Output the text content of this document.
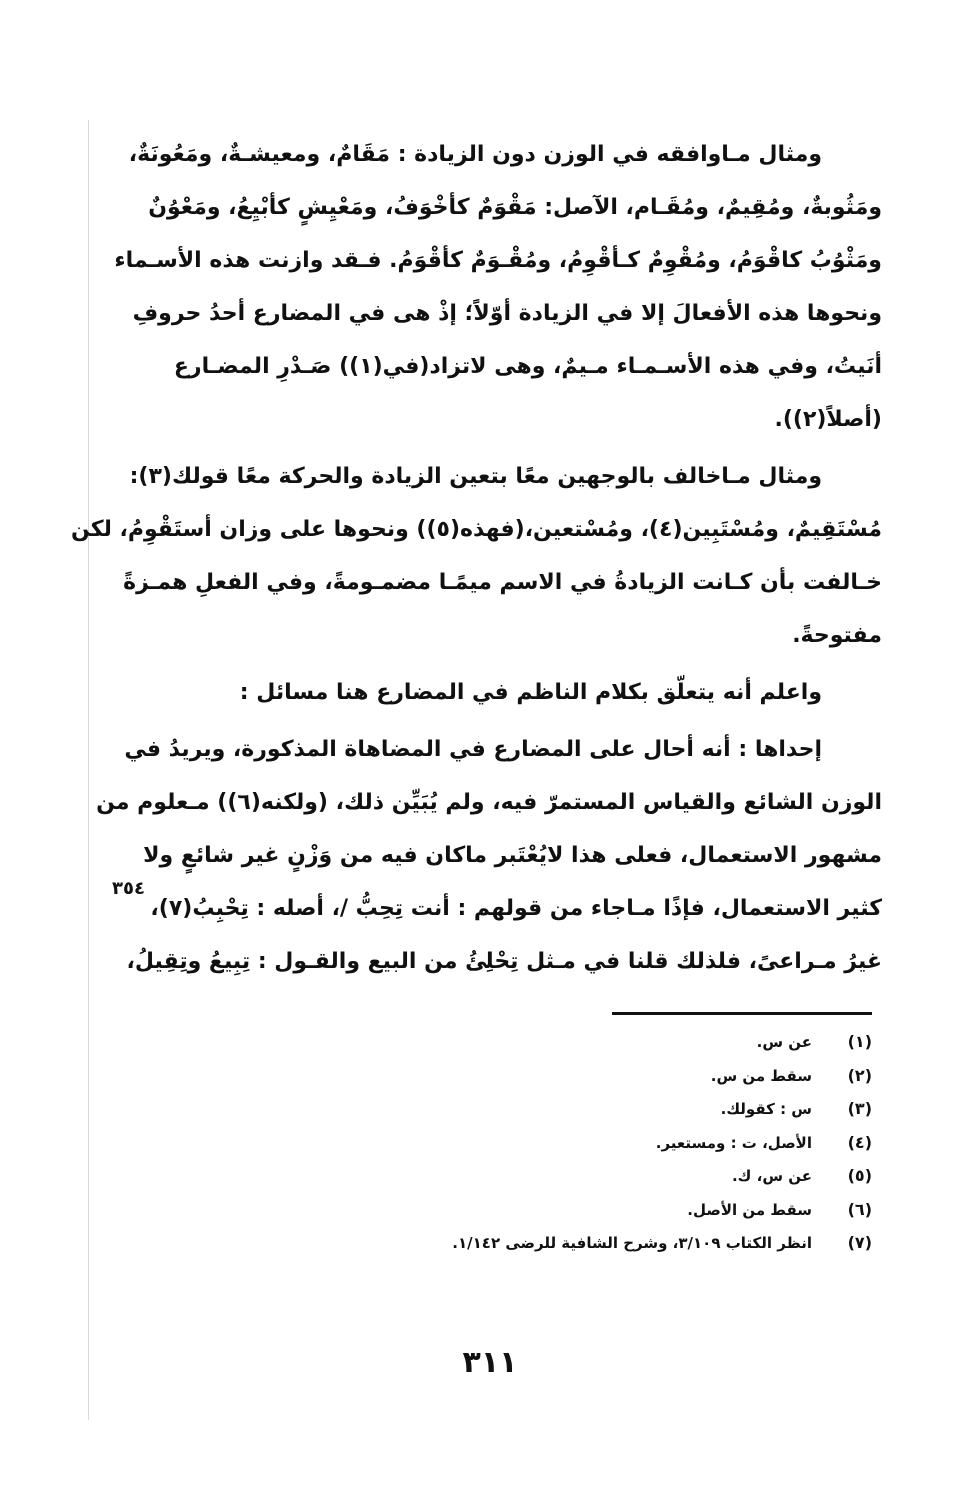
ومثال مـاوافقه في الوزن دون الزيادة : مَقَامٌ، ومعيشـةٌ، ومَعُونَةٌ،
ومَثُوبةٌ، ومُقِيمٌ، ومُقَـام، الآصل: مَقْوَمٌ كأخْوَفُ، ومَعْيِشٍ كأبْيِعُ، ومَعْوُنٌ
ومَثْوُبُ كاقْوَمُ، ومُقْوِمٌ كـأقْوِمُ، ومُقْـوَمٌ كأقْوَمُ. فـقد وازنت هذه الأسـماء
ونحوها هذه الأفعالَ إلا في الزيادة أوّلاً؛ إذْ هى في المضارع أحدُ حروفِ
أنَيتُ، وفي هذه الأسـمـاء مـيمٌ، وهى لاتزاد(في(١)) صَـدْرِ المضـارع
(أصلاً(٢)).

ومثال مـاخالف بالوجهين معًا بتعين الزيادة والحركة معًا قولك(٣):
مُسْتَقِيمٌ، ومُسْتَبِين(٤)، ومُسْتعين،(فهذه(٥)) ونحوها على وزان أستَقْوِمُ، لكن
خـالفت بأن كـانت الزيادةُ في الاسم ميمًـا مضمـومةً، وفي الفعلِ همـزةً
مفتوحةً.

واعلم أنه يتعلّق بكلام الناظم في المضارع هنا مسائل :

إحداها : أنه أحال على المضارع في المضاهاة المذكورة، ويريدُ في
الوزن الشائع والقياس المستمرّ فيه، ولم يُبَيِّن ذلك، (ولكنه(٦)) مـعلوم من
مشهور الاستعمال، فعلى هذا لايُعْتَبر ماكان فيه من وَزْنٍ غير شائعٍ ولا
كثير الاستعمال، فإذًا مـاجاء من قولهم : أنت تِحِبُّ /، أصله : تِحْبِبُ(٧)،
غيرُ مـراعىً، فلذلك قلنا في مـثل تِحْلِئُ من البيع والقـول : تِبِيعُ وتِقِيلُ،

٣٥٤
(١)
عن س.
(٢)
سقط من س.
(٣)
س : كقولك.
(٤)
الأصل، ت : ومستعير.
(٥)
عن س، ك.
(٦)
سقط من الأصل.
(٧)
انظر الكتاب ٣/١٠٩، وشرح الشافية للرضى ١/١٤٢.
٣١١
